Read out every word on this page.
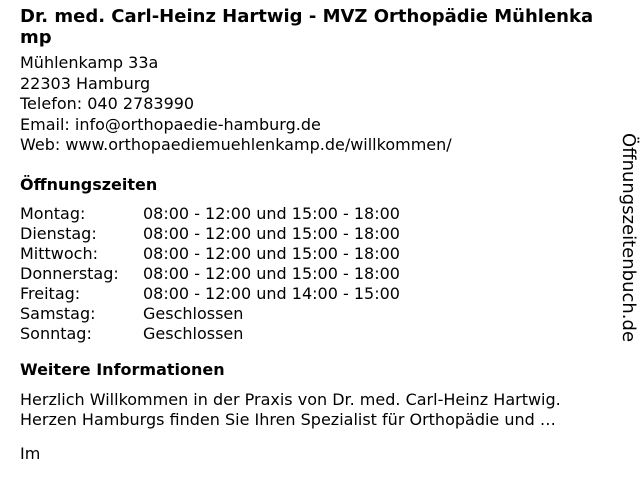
Dr. med. Carl-Heinz Hartwig - MVZ Orthopädie Mühlenkamp
Mühlenkamp 33a
22303 Hamburg
Telefon: 040 2783990
Email: info@orthopaedie-hamburg.de
Web: www.orthopaediemuehlenkamp.de/willkommen/
Öffnungszeiten
Montag:	08:00 - 12:00 und 15:00 - 18:00
Dienstag:	08:00 - 12:00 und 15:00 - 18:00
Mittwoch:	08:00 - 12:00 und 15:00 - 18:00
Donnerstag:	08:00 - 12:00 und 15:00 - 18:00
Freitag:	08:00 - 12:00 und 14:00 - 15:00
Samstag:	Geschlossen
Sonntag:	Geschlossen
Weitere Informationen
Herzlich Willkommen in der Praxis von Dr. med. Carl-Heinz Hartwig.
Herzen Hamburgs finden Sie Ihren Spezialist für Orthopädie und …
Im
Öffnungszeitenbuch.de
